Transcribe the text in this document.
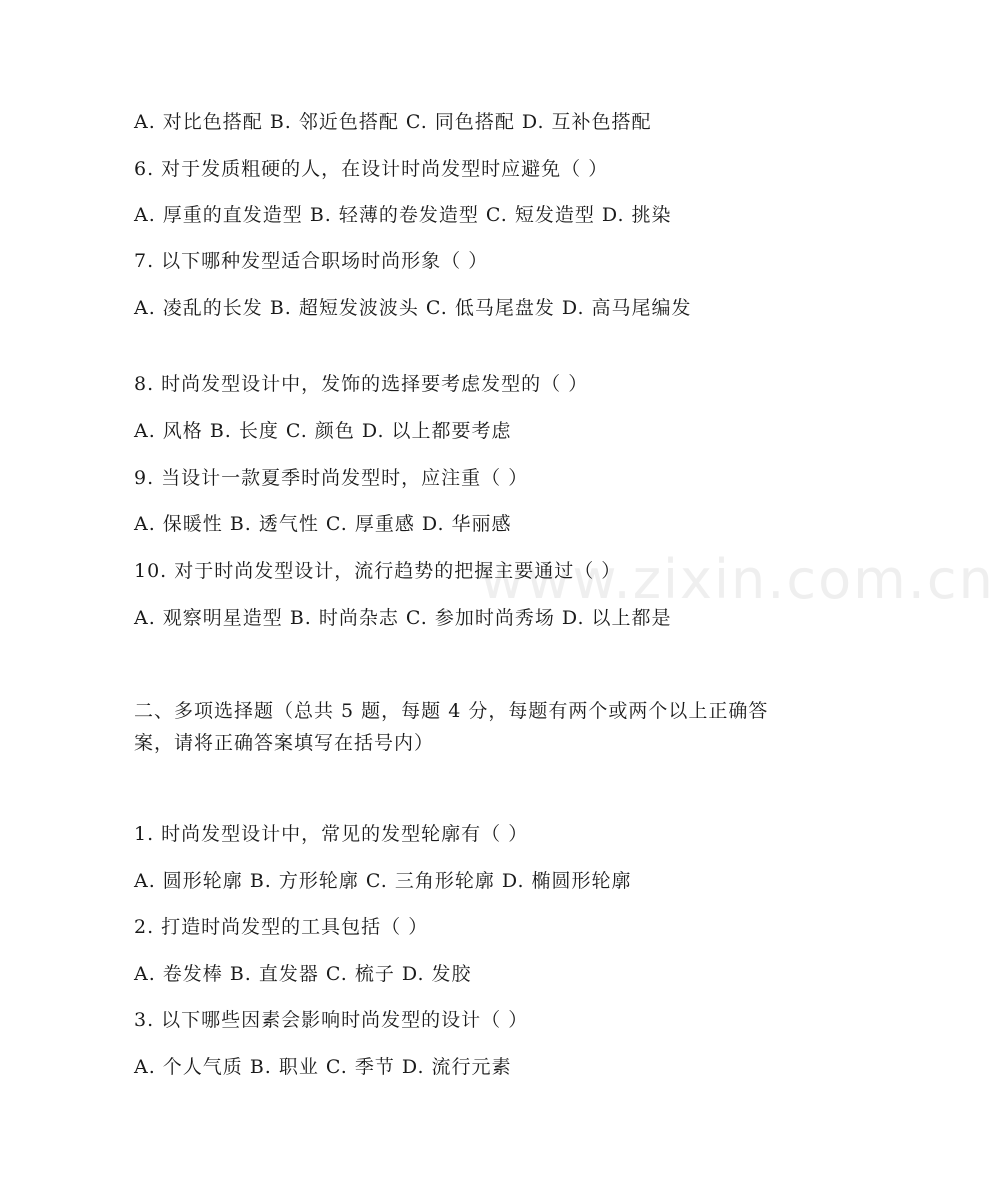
www.zixin.com.cn
A. 对比色搭配 B. 邻近色搭配 C. 同色搭配 D. 互补色搭配
6. 对于发质粗硬的人，在设计时尚发型时应避免（ ）
A. 厚重的直发造型 B. 轻薄的卷发造型 C. 短发造型 D. 挑染
7. 以下哪种发型适合职场时尚形象（ ）
A. 凌乱的长发 B. 超短发波波头 C. 低马尾盘发 D. 高马尾编发
8. 时尚发型设计中，发饰的选择要考虑发型的（ ）
A. 风格 B. 长度 C. 颜色 D. 以上都要考虑
9. 当设计一款夏季时尚发型时，应注重（ ）
A. 保暖性 B. 透气性 C. 厚重感 D. 华丽感
10. 对于时尚发型设计，流行趋势的把握主要通过（ ）
A. 观察明星造型 B. 时尚杂志 C. 参加时尚秀场 D. 以上都是
二、多项选择题（总共 5 题，每题 4 分，每题有两个或两个以上正确答案，请将正确答案填写在括号内）
1. 时尚发型设计中，常见的发型轮廓有（ ）
A. 圆形轮廓 B. 方形轮廓 C. 三角形轮廓 D. 椭圆形轮廓
2. 打造时尚发型的工具包括（ ）
A. 卷发棒 B. 直发器 C. 梳子 D. 发胶
3. 以下哪些因素会影响时尚发型的设计（ ）
A. 个人气质 B. 职业 C. 季节 D. 流行元素
